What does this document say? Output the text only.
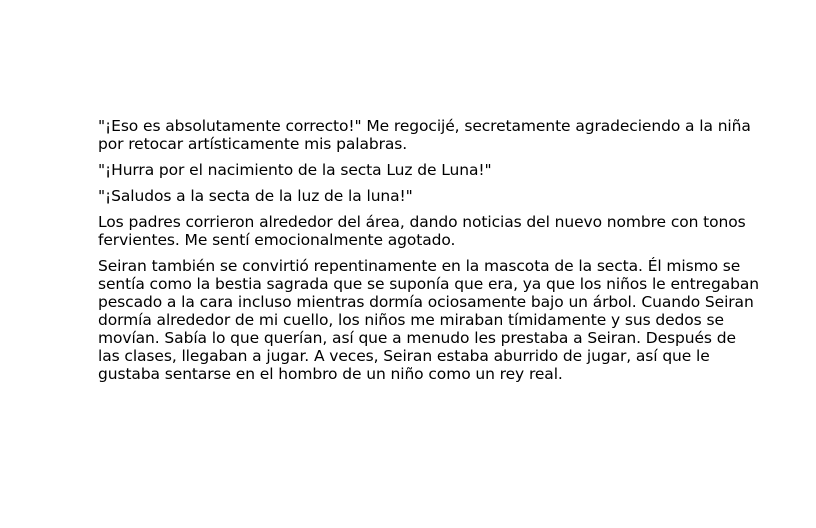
"¡Eso es absolutamente correcto!" Me regocijé, secretamente agradeciendo a la niña por retocar artísticamente mis palabras.

"¡Hurra por el nacimiento de la secta Luz de Luna!"

"¡Saludos a la secta de la luz de la luna!"

Los padres corrieron alrededor del área, dando noticias del nuevo nombre con tonos fervientes. Me sentí emocionalmente agotado.

Seiran también se convirtió repentinamente en la mascota de la secta. Él mismo se sentía como la bestia sagrada que se suponía que era, ya que los niños le entregaban pescado a la cara incluso mientras dormía ociosamente bajo un árbol. Cuando Seiran dormía alrededor de mi cuello, los niños me miraban tímidamente y sus dedos se movían. Sabía lo que querían, así que a menudo les prestaba a Seiran. Después de las clases, llegaban a jugar. A veces, Seiran estaba aburrido de jugar, así que le gustaba sentarse en el hombro de un niño como un rey real.
